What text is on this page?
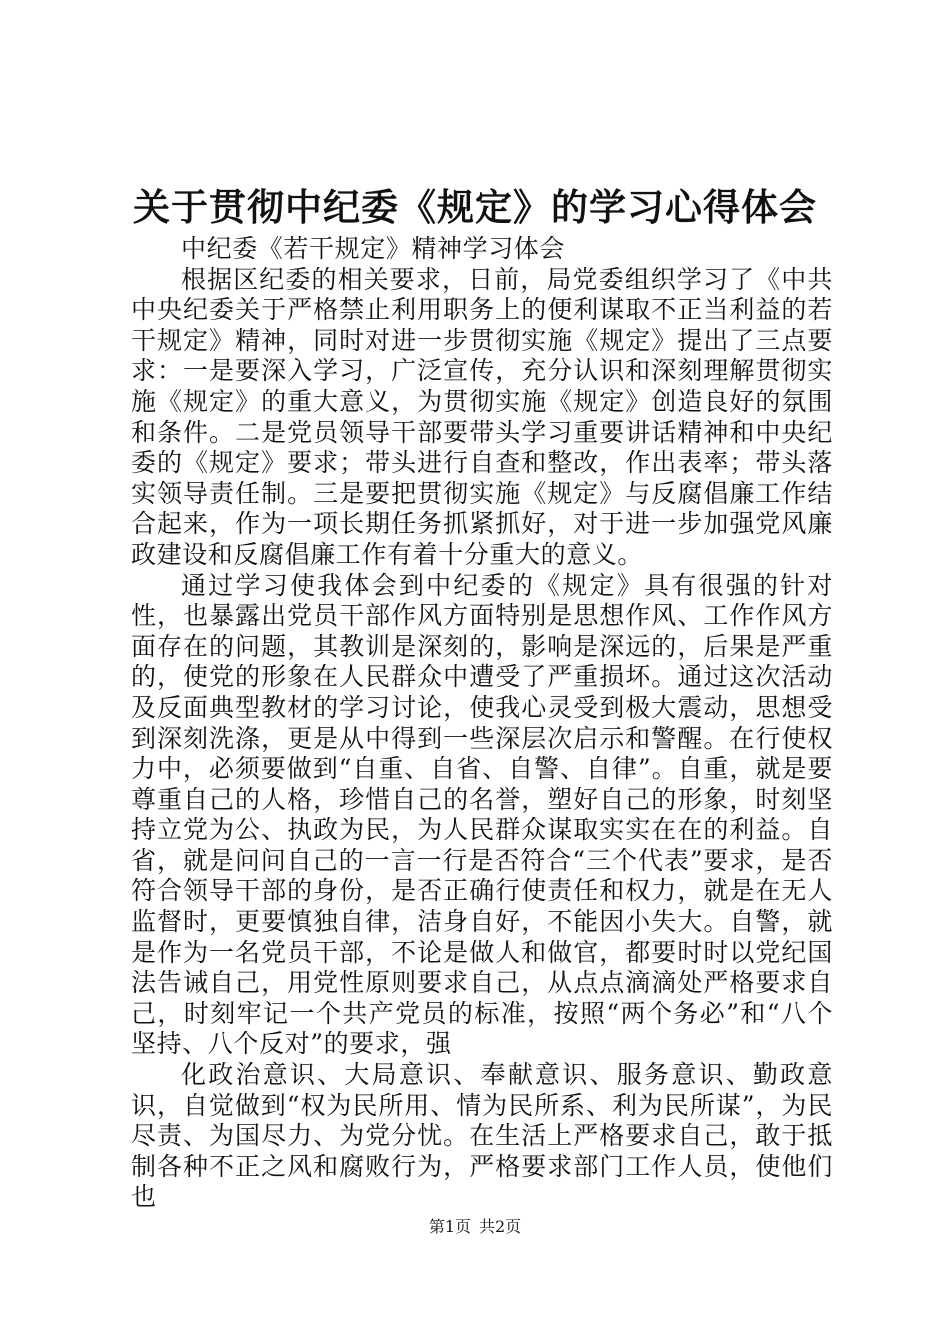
关于贯彻中纪委《规定》的学习心得体会

中纪委《若干规定》精神学习体会

根据区纪委的相关要求，日前，局党委组织学习了《中共中央纪委关于严格禁止利用职务上的便利谋取不正当利益的若干规定》精神，同时对进一步贯彻实施《规定》提出了三点要求：一是要深入学习，广泛宣传，充分认识和深刻理解贯彻实施《规定》的重大意义，为贯彻实施《规定》创造良好的氛围和条件。二是党员领导干部要带头学习重要讲话精神和中央纪委的《规定》要求；带头进行自查和整改，作出表率；带头落实领导责任制。三是要把贯彻实施《规定》与反腐倡廉工作结合起来，作为一项长期任务抓紧抓好，对于进一步加强党风廉政建设和反腐倡廉工作有着十分重大的意义。

通过学习使我体会到中纪委的《规定》具有很强的针对性，也暴露出党员干部作风方面特别是思想作风、工作作风方面存在的问题，其教训是深刻的，影响是深远的，后果是严重的，使党的形象在人民群众中遭受了严重损坏。通过这次活动及反面典型教材的学习讨论，使我心灵受到极大震动，思想受到深刻洗涤，更是从中得到一些深层次启示和警醒。在行使权力中，必须要做到“自重、自省、自警、自律”。自重，就是要尊重自己的人格，珍惜自己的名誉，塑好自己的形象，时刻坚持立党为公、执政为民，为人民群众谋取实实在在的利益。自省，就是问问自己的一言一行是否符合“三个代表”要求，是否符合领导干部的身份，是否正确行使责任和权力，就是在无人监督时，更要慎独自律，洁身自好，不能因小失大。自警，就是作为一名党员干部，不论是做人和做官，都要时时以党纪国法告诫自己，用党性原则要求自己，从点点滴滴处严格要求自己，时刻牢记一个共产党员的标准，按照“两个务必”和“八个坚持、八个反对”的要求，强

化政治意识、大局意识、奉献意识、服务意识、勤政意识，自觉做到“权为民所用、情为民所系、利为民所谋”，为民尽责、为国尽力、为党分忧。在生活上严格要求自己，敢于抵制各种不正之风和腐败行为，严格要求部门工作人员，使他们也

第1页 共2页
